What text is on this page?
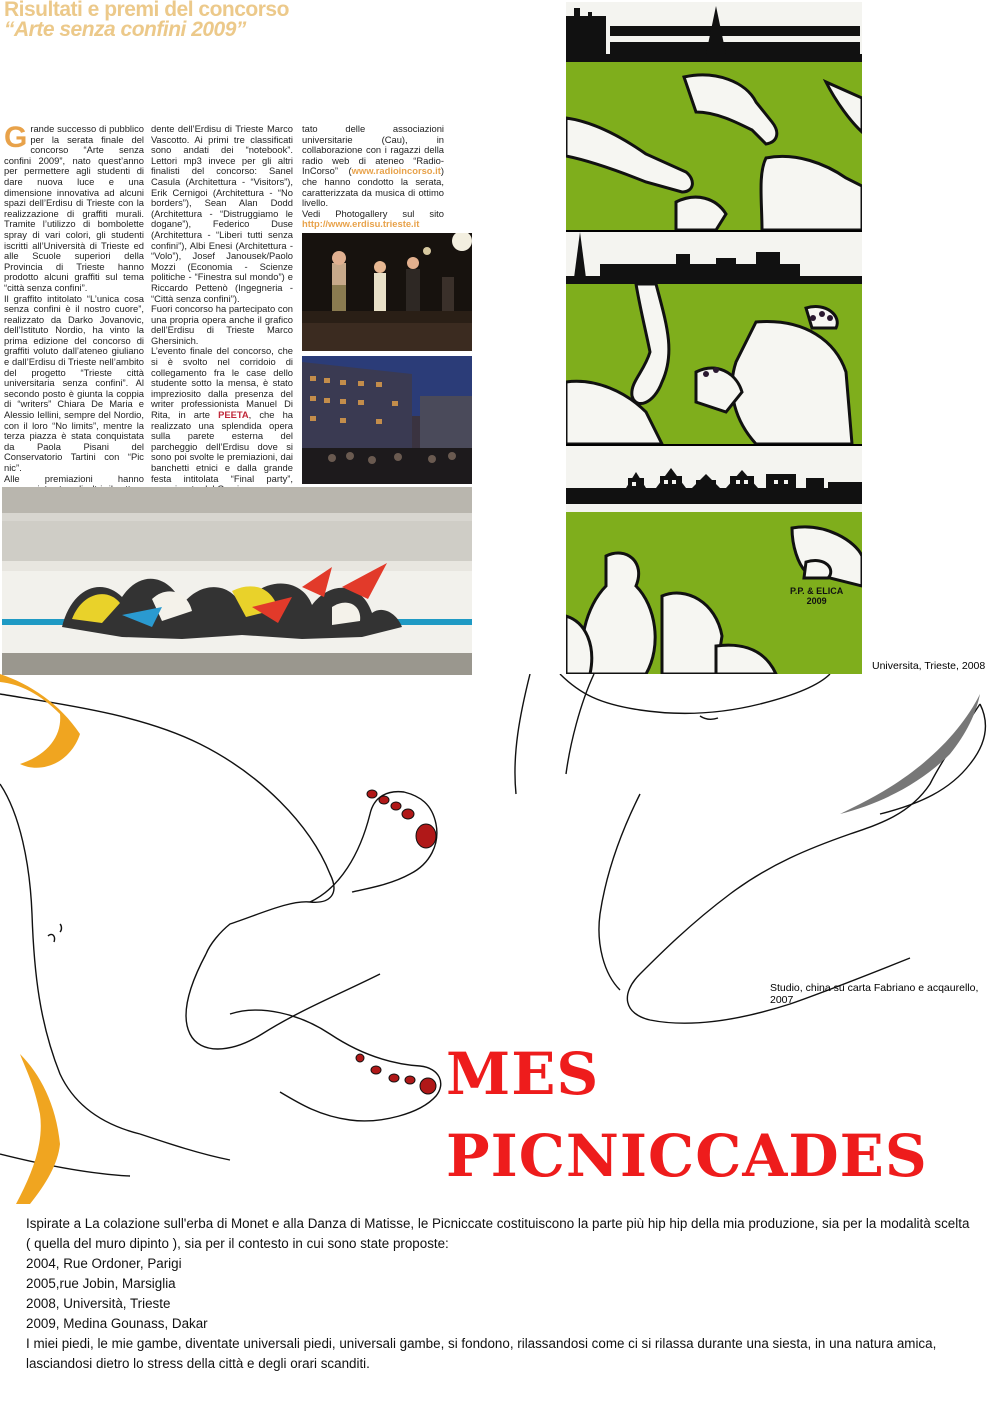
Risultati e premi del concorso
“Arte senza confini 2009”

Grande successo di pubblico per la serata finale del concorso “Arte senza confini 2009”, nato quest’anno per permettere agli studenti di dare nuova luce e una dimensione innovativa ad alcuni spazi dell’Erdisu di Trieste con la realizzazione di graffiti murali. Tramite l’utilizzo di bombolette spray di vari colori, gli studenti iscritti all’Università di Trieste ed alle Scuole superiori della Provincia di Trieste hanno prodotto alcuni graffiti sul tema “città senza confini”.

Il graffito intitolato “L’unica cosa senza confini è il nostro cuore”, realizzato da Darko Jovanovic, dell’Istituto Nordio, ha vinto la prima edizione del concorso di graffiti voluto dall’ateneo giuliano e dall’Erdisu di Trieste nell’ambito del progetto “Trieste città universitaria senza confini”. Al secondo posto è giunta la coppia di “writers” Chiara De Maria e Alessio Iellini, sempre del Nordio, con il loro “No limits”, mentre la terza piazza è stata conquistata da Paola Pisani del Conservatorio Tartini con “Pic nic”.

Alle premiazioni hanno

dente dell’Erdisu di Trieste Marco Vascotto. Ai primi tre classificati sono andati dei “notebook”. Lettori mp3 invece per gli altri finalisti del concorso: Sanel Casula (Architettura - “Visitors”), Erik Cernigoi (Architettura - “No borders”), Sean Alan Dodd (Architettura - “Distruggiamo le dogane”), Federico Duse (Architettura - “Liberi tutti senza confini”), Albi Enesi (Architettura - “Volo”), Josef Janousek/Paolo Mozzi (Economia - Scienze politiche - “Finestra sul mondo”) e Riccardo Pettenò (Ingegneria - “Città senza confini”).

Fuori concorso ha partecipato con una propria opera anche il grafico dell’Erdisu di Trieste Marco Ghersinich.

L’evento finale del concorso, che si è svolto nel corridoio di collegamento fra le case dello studente sotto la mensa, è stato impreziosito dalla presenza del writer professionista Manuel Di Rita, in arte PEETA, che ha realizzato una splendida opera sulla parete esterna del parcheggio dell’Erdisu dove si sono poi svolte le premiazioni, dai banchetti etnici e dalla grande festa intitolata “Final party”,

tato delle associazioni universitarie (Cau), in collaborazione con i ragazzi della radio web di ateneo “Radio-InCorso” (www.radioincorso.it) che hanno condotto la serata, caratterizzata da musica di ottimo livello.

Vedi Photogallery sul sito http://www.erdisu.trieste.it

P.P. & ELICA
2009
Universita, Trieste, 2008
Studio, china su carta Fabriano e acqaurello, 2007
MES
PICNICCADES

Ispirate a La colazione sull'erba di Monet e alla Danza di Matisse, le Picniccate costituiscono la parte più hip hip della mia produzione, sia per la modalità scelta ( quella del muro dipinto ), sia per il contesto in cui sono state proposte:

2004, Rue Ordoner, Parigi

2005,rue Jobin, Marsiglia

2008, Università, Trieste

2009, Medina Gounass, Dakar

I miei piedi, le mie gambe, diventate universali piedi, universali gambe, si fondono, rilassandosi come ci si rilassa durante una siesta, in una natura amica, lasciandosi dietro lo stress della città e degli orari scanditi.
